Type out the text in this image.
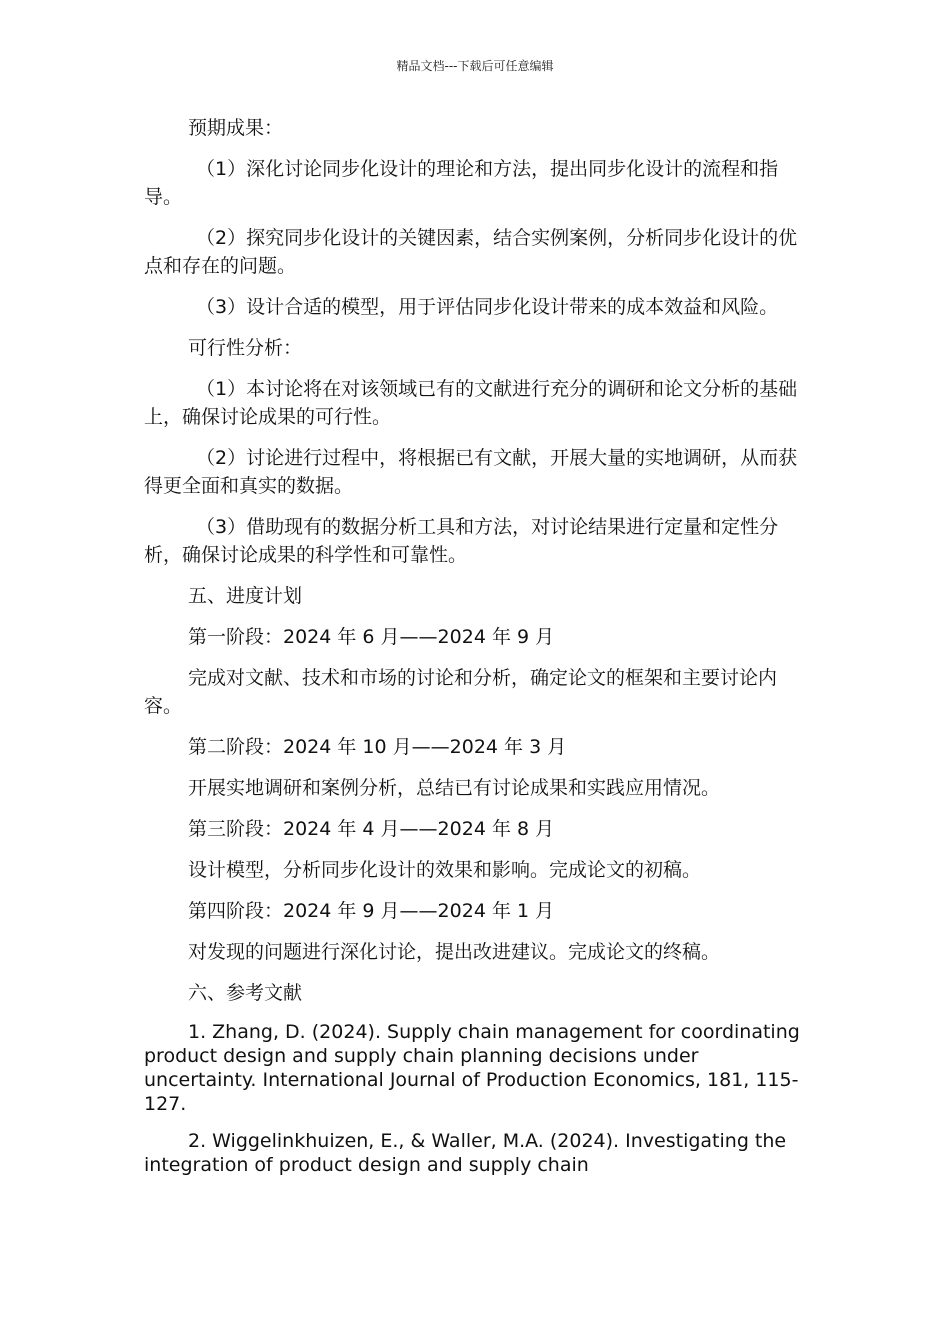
精品文档---下载后可任意编辑

预期成果：

（1）深化讨论同步化设计的理论和方法，提出同步化设计的流程和指导。

（2）探究同步化设计的关键因素，结合实例案例，分析同步化设计的优点和存在的问题。

（3）设计合适的模型，用于评估同步化设计带来的成本效益和风险。

可行性分析：

（1）本讨论将在对该领域已有的文献进行充分的调研和论文分析的基础上，确保讨论成果的可行性。

（2）讨论进行过程中，将根据已有文献，开展大量的实地调研，从而获得更全面和真实的数据。

（3）借助现有的数据分析工具和方法，对讨论结果进行定量和定性分析，确保讨论成果的科学性和可靠性。

五、进度计划

第一阶段：2024 年 6 月——2024 年 9 月

完成对文献、技术和市场的讨论和分析，确定论文的框架和主要讨论内容。

第二阶段：2024 年 10 月——2024 年 3 月

开展实地调研和案例分析，总结已有讨论成果和实践应用情况。

第三阶段：2024 年 4 月——2024 年 8 月

设计模型，分析同步化设计的效果和影响。完成论文的初稿。

第四阶段：2024 年 9 月——2024 年 1 月

对发现的问题进行深化讨论，提出改进建议。完成论文的终稿。

六、参考文献

1. Zhang, D. (2024). Supply chain management for coordinating product design and supply chain planning decisions under uncertainty. International Journal of Production Economics, 181, 115-127.

2. Wiggelinkhuizen, E., & Waller, M.A. (2024). Investigating the integration of product design and supply chain
